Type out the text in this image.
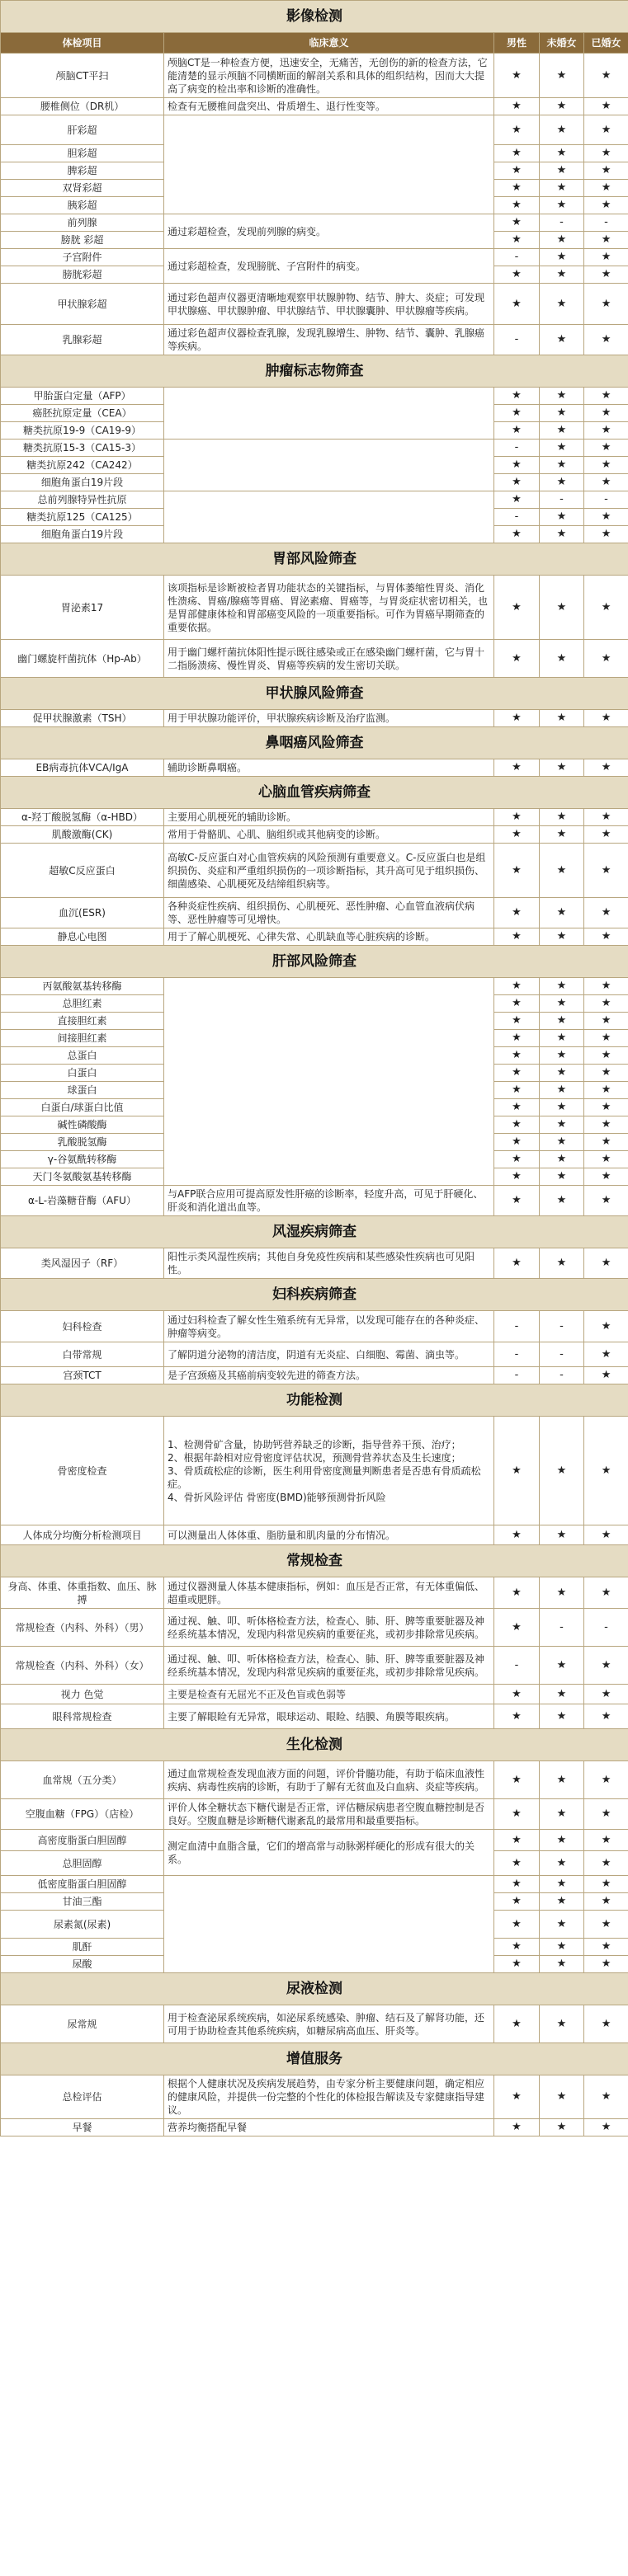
影像检测				
体检项目	临床意义	男性	未婚女	已婚女
颅脑CT平扫	颅脑CT是一种检查方便，迅速安全，无痛苦，无创伤的新的检查方法，它能清楚的显示颅脑不同横断面的解剖关系和具体的组织结构，因而大大提高了病变的检出率和诊断的准确性。	★	★	★
腰椎侧位（DR机）	检查有无腰椎间盘突出、骨质增生、退行性变等。	★	★	★
肝彩超		★	★	★
胆彩超		★	★	★
脾彩超		★	★	★
双肾彩超		★	★	★
胰彩超		★	★	★
前列腺	通过彩超检查，发现前列腺的病变。	★	-	-
膀胱 彩超		★	★	★
子宫附件	通过彩超检查，发现膀胱、子宫附件的病变。	-	★	★
膀胱彩超		★	★	★
甲状腺彩超	通过彩色超声仪器更清晰地观察甲状腺肿物、结节、肿大、炎症；可发现甲状腺癌、甲状腺肿瘤、甲状腺结节、甲状腺囊肿、甲状腺瘤等疾病。	★	★	★
乳腺彩超	通过彩色超声仪器检查乳腺，发现乳腺增生、肿物、结节、囊肿、乳腺癌等疾病。	-	★	★
肿瘤标志物筛查				
甲胎蛋白定量（AFP）		★	★	★
癌胚抗原定量（CEA）		★	★	★
糖类抗原19-9（CA19-9）		★	★	★
糖类抗原15-3（CA15-3）		-	★	★
糖类抗原242（CA242）		★	★	★
细胞角蛋白19片段		★	★	★
总前列腺特异性抗原		★	-	-
糖类抗原125（CA125）		-	★	★
细胞角蛋白19片段		★	★	★
胃部风险筛查				
胃泌素17	该项指标是诊断被检者胃功能状态的关键指标，与胃体萎缩性胃炎、消化性溃疡、胃癌/腺癌等胃癌、胃泌素瘤、胃癌等，与胃炎症状密切相关，也是胃部健康体检和胃部癌变风险的一项重要指标。可作为胃癌早期筛查的重要依据。	★	★	★
幽门螺旋杆菌抗体（Hp-Ab）	用于幽门螺杆菌抗体阳性提示既往感染或正在感染幽门螺杆菌，它与胃十二指肠溃疡、慢性胃炎、胃癌等疾病的发生密切关联。	★	★	★
甲状腺风险筛查				
促甲状腺激素（TSH）	用于甲状腺功能评价，甲状腺疾病诊断及治疗监测。	★	★	★
鼻咽癌风险筛查				
EB病毒抗体VCA/IgA	辅助诊断鼻咽癌。	★	★	★
心脑血管疾病筛查				
α-羟丁酸脱氢酶（α-HBD）	主要用心肌梗死的辅助诊断。	★	★	★
肌酸激酶(CK)	常用于骨骼肌、心肌、脑组织或其他病变的诊断。	★	★	★
超敏C反应蛋白	高敏C-反应蛋白对心血管疾病的风险预测有重要意义。C-反应蛋白也是组织损伤、炎症和严重组织损伤的一项诊断指标，其升高可见于组织损伤、细菌感染、心肌梗死及结缔组织病等。	★	★	★
血沉(ESR)	各种炎症性疾病、组织损伤、心肌梗死、恶性肿瘤、心血管血液病伏病等、恶性肿瘤等可见增快。	★	★	★
静息心电图	用于了解心肌梗死、心律失常、心肌缺血等心脏疾病的诊断。	★	★	★
肝部风险筛查				
丙氨酸氨基转移酶		★	★	★
总胆红素		★	★	★
直接胆红素		★	★	★
间接胆红素		★	★	★
总蛋白		★	★	★
白蛋白		★	★	★
球蛋白		★	★	★
白蛋白/球蛋白比值		★	★	★
碱性磷酸酶		★	★	★
乳酸脱氢酶		★	★	★
γ-谷氨酰转移酶		★	★	★
天门冬氨酸氨基转移酶		★	★	★
α-L-岩藻糖苷酶（AFU）	与AFP联合应用可提高原发性肝癌的诊断率，轻度升高，可见于肝硬化、肝炎和消化道出血等。	★	★	★
风湿疾病筛查				
类风湿因子（RF）	阳性示类风湿性疾病；其他自身免疫性疾病和某些感染性疾病也可见阳性。	★	★	★
妇科疾病筛查				
妇科检查	通过妇科检查了解女性生殖系统有无异常，以发现可能存在的各种炎症、肿瘤等病变。	-	-	★
白带常规	了解阴道分泌物的清洁度，阴道有无炎症、白细胞、霉菌、滴虫等。	-	-	★
宫颈TCT	是子宫颈癌及其癌前病变较先进的筛查方法。	-	-	★
功能检测				
骨密度检查	1、检测骨矿含量，协助钙营养缺乏的诊断，指导营养干预、治疗；
2、根据年龄相对应骨密度评估状况，预测骨营养状态及生长速度；
3、骨质疏松症的诊断，医生利用骨密度测量判断患者是否患有骨质疏松症。
4、骨折风险评估 骨密度(BMD)能够预测骨折风险	★	★	★
人体成分均衡分析检测项目	可以测量出人体体重、脂肪量和肌肉量的分布情况。	★	★	★
常规检查				
身高、体重、体重指数、血压、脉搏	通过仪器测量人体基本健康指标，例如：血压是否正常，有无体重偏低、超重或肥胖。	★	★	★
常规检查（内科、外科）（男）	通过视、触、叩、听体格检查方法，检查心、肺、肝、脾等重要脏器及神经系统基本情况，发现内科常见疾病的重要征兆，或初步排除常见疾病。	★	-	-
常规检查（内科、外科）（女）	通过视、触、叩、听体格检查方法，检查心、肺、肝、脾等重要脏器及神经系统基本情况，发现内科常见疾病的重要征兆，或初步排除常见疾病。	-	★	★
视力 色觉	主要是检查有无屈光不正及色盲或色弱等	★	★	★
眼科常规检查	主要了解眼睑有无异常，眼球运动、眼睑、结膜、角膜等眼疾病。	★	★	★
生化检测				
血常规（五分类）	通过血常规检查发现血液方面的问题，评价骨髓功能，有助于临床血液性疾病、病毒性疾病的诊断，有助于了解有无贫血及白血病、炎症等疾病。	★	★	★
空腹血糖（FPG）（店检）	评价人体全糖状态下糖代谢是否正常，评估糖尿病患者空腹血糖控制是否良好。空腹血糖是诊断糖代谢紊乱的最常用和最重要指标。	★	★	★
高密度脂蛋白胆固醇	测定血清中血脂含量，它们的增高常与动脉粥样硬化的形成有很大的关系。	★	★	★
总胆固醇		★	★	★
低密度脂蛋白胆固醇		★	★	★
甘油三酯		★	★	★
尿素氮(尿素)		★	★	★
肌酐		★	★	★
尿酸		★	★	★
尿液检测				
尿常规	用于检查泌尿系统疾病，如泌尿系统感染、肿瘤、结石及了解肾功能，还可用于协助检查其他系统疾病，如糖尿病高血压、肝炎等。	★	★	★
增值服务				
总检评估	根据个人健康状况及疾病发展趋势，由专家分析主要健康问题，确定相应的健康风险，并提供一份完整的个性化的体检报告解读及专家健康指导建议。	★	★	★
早餐	营养均衡搭配早餐	★	★	★
